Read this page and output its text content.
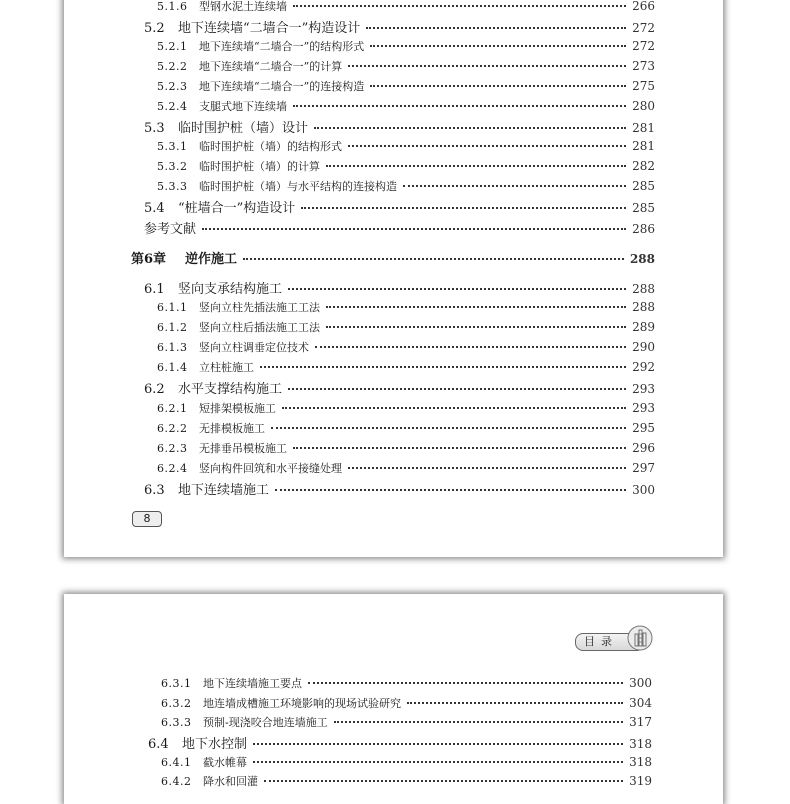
5.1.6	型钢水泥土连续墙	266
5.2	地下连续墙“二墙合一”构造设计	272
5.2.1	地下连续墙“二墙合一”的结构形式	272
5.2.2	地下连续墙“二墙合一”的计算	273
5.2.3	地下连续墙“二墙合一”的连接构造	275
5.2.4	支腿式地下连续墙	280
5.3	临时围护桩（墙）设计	281
5.3.1	临时围护桩（墙）的结构形式	281
5.3.2	临时围护桩（墙）的计算	282
5.3.3	临时围护桩（墙）与水平结构的连接构造	285
5.4	“桩墙合一”构造设计	285
参考文献	286
第6章	逆作施工	288
6.1	竖向支承结构施工	288
6.1.1	竖向立柱先插法施工工法	288
6.1.2	竖向立柱后插法施工工法	289
6.1.3	竖向立柱调垂定位技术	290
6.1.4	立柱桩施工	292
6.2	水平支撑结构施工	293
6.2.1	短排架模板施工	293
6.2.2	无排模板施工	295
6.2.3	无排垂吊模板施工	296
6.2.4	竖向构件回筑和水平接缝处理	297
6.3	地下连续墙施工	300
8
目录
6.3.1	地下连续墙施工要点	300
6.3.2	地连墙成槽施工环境影响的现场试验研究	304
6.3.3	预制-现浇咬合地连墙施工	317
6.4	地下水控制	318
6.4.1	截水帷幕	318
6.4.2	降水和回灌	319
